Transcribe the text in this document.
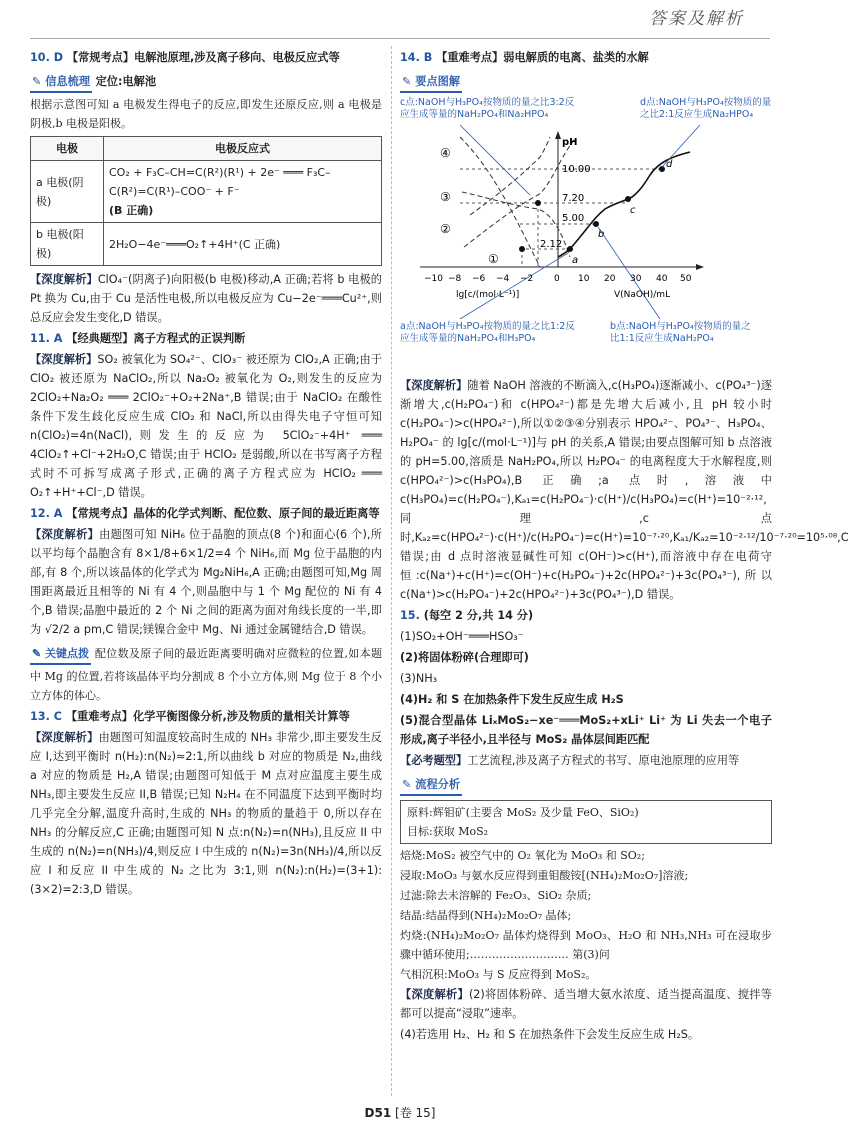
答案及解析

10. D 【常规考点】电解池原理,涉及离子移向、电极反应式等

✎ 信息梳理 定位:电解池

根据示意图可知 a 电极发生得电子的反应,即发生还原反应,则 a 电极是阴极,b 电极是阳极。

电极	电极反应式
a 电极(阴极)	CO₂ + F₃C–CH=C(R²)(R¹) + 2e⁻ ═══ F₃C–C(R²)=C(R¹)–COO⁻ + F⁻
(B 正确)

b 电极(阳极)	2H₂O−4e⁻═══O₂↑+4H⁺(C 正确)

【深度解析】ClO₄⁻(阴离子)向阳极(b 电极)移动,A 正确;若将 b 电极的 Pt 换为 Cu,由于 Cu 是活性电极,所以电极反应为 Cu−2e⁻═══Cu²⁺,则总反应会发生变化,D 错误。

11. A 【经典题型】离子方程式的正误判断

【深度解析】SO₂ 被氧化为 SO₄²⁻、ClO₃⁻ 被还原为 ClO₂,A 正确;由于 ClO₂ 被还原为 NaClO₂,所以 Na₂O₂ 被氧化为 O₂,则发生的反应为 2ClO₂+Na₂O₂ ═══ 2ClO₂⁻+O₂+2Na⁺,B 错误;由于 NaClO₂ 在酸性条件下发生歧化反应生成 ClO₂ 和 NaCl,所以由得失电子守恒可知 n(ClO₂)=4n(NaCl),则发生的反应为 5ClO₂⁻+4H⁺ ═══ 4ClO₂↑+Cl⁻+2H₂O,C 错误;由于 HClO₂ 是弱酸,所以在书写离子方程式时不可拆写成离子形式,正确的离子方程式应为 HClO₂ ═══ O₂↑+H⁺+Cl⁻,D 错误。

12. A 【常规考点】晶体的化学式判断、配位数、原子间的最近距离等

【深度解析】由题图可知 NiH₆ 位于晶胞的顶点(8 个)和面心(6 个),所以平均每个晶胞含有 8×1/8+6×1/2=4 个 NiH₆,而 Mg 位于晶胞的内部,有 8 个,所以该晶体的化学式为 Mg₂NiH₆,A 正确;由题图可知,Mg 周围距离最近且相等的 Ni 有 4 个,则晶胞中与 1 个 Mg 配位的 Ni 有 4 个,B 错误;晶胞中最近的 2 个 Ni 之间的距离为面对角线长度的一半,即为 √2/2 a pm,C 错误;镁镍合金中 Mg、Ni 通过金属键结合,D 错误。

✎ 关键点拨 配位数及原子间的最近距离要明确对应微粒的位置,如本题中 Mg 的位置,若将该晶体平均分割成 8 个小立方体,则 Mg 位于 8 个小立方体的体心。

13. C 【重难考点】化学平衡图像分析,涉及物质的量相关计算等

【深度解析】由题图可知温度较高时生成的 NH₃ 非常少,即主要发生反应 I,达到平衡时 n(H₂):n(N₂)≈2:1,所以曲线 b 对应的物质是 N₂,曲线 a 对应的物质是 H₂,A 错误;由题图可知低于 M 点对应温度主要生成 NH₃,即主要发生反应 II,B 错误;已知 N₂H₄ 在不同温度下达到平衡时均几乎完全分解,温度升高时,生成的 NH₃ 的物质的量趋于 0,所以存在 NH₃ 的分解反应,C 正确;由题图可知 N 点:n(N₂)=n(NH₃),且反应 II 中生成的 n(N₂)=n(NH₃)/4,则反应 I 中生成的 n(N₂)=3n(NH₃)/4,所以反应 I 和反应 II 中生成的 N₂ 之比为 3:1,则 n(N₂):n(H₂)=(3+1):(3×2)=2:3,D 错误。

14. B 【重难考点】弱电解质的电离、盐类的水解

✎ 要点图解
10.00
7.20
5.00
2.12
pH
−10 −8 −6 −4 −2 0 10 20 30 40 50
lg[c/(mol·L⁻¹)]	V(NaOH)/mL
④
③
②
①	a
b
c
d
c点:NaOH与H₃PO₄按物质的量之比3:2反应生成等量的NaH₂PO₄和Na₂HPO₄
d点:NaOH与H₃PO₄按物质的量之比2:1反应生成Na₂HPO₄
a点:NaOH与H₃PO₄按物质的量之比1:2反应生成等量的NaH₂PO₄和H₃PO₄
b点:NaOH与H₃PO₄按物质的量之比1:1反应生成NaH₂PO₄

【深度解析】随着 NaOH 溶液的不断滴入,c(H₃PO₄)逐渐减小、c(PO₄³⁻)逐渐增大,c(H₂PO₄⁻)和 c(HPO₄²⁻)都是先增大后减小,且 pH 较小时 c(H₂PO₄⁻)>c(HPO₄²⁻),所以①②③④分别表示 HPO₄²⁻、PO₄³⁻、H₃PO₄、H₂PO₄⁻ 的 lg[c/(mol·L⁻¹)]与 pH 的关系,A 错误;由要点图解可知 b 点溶液的 pH=5.00,溶质是 NaH₂PO₄,所以 H₂PO₄⁻ 的电离程度大于水解程度,则 c(HPO₄²⁻)>c(H₃PO₄),B 正确;a 点时,溶液中 c(H₃PO₄)=c(H₂PO₄⁻),Kₐ₁=c(H₂PO₄⁻)·c(H⁺)/c(H₃PO₄)=c(H⁺)=10⁻²·¹²,同理,c 点时,Kₐ₂=c(HPO₄²⁻)·c(H⁺)/c(H₂PO₄⁻)=c(H⁺)=10⁻⁷·²⁰,Kₐ₁/Kₐ₂=10⁻²·¹²/10⁻⁷·²⁰=10⁵·⁰⁸,C 错误;由 d 点时溶液显碱性可知 c(OH⁻)>c(H⁺),而溶液中存在电荷守恒:c(Na⁺)+c(H⁺)=c(OH⁻)+c(H₂PO₄⁻)+2c(HPO₄²⁻)+3c(PO₄³⁻),所以 c(Na⁺)>c(H₂PO₄⁻)+2c(HPO₄²⁻)+3c(PO₄³⁻),D 错误。

15. (每空 2 分,共 14 分)

(1)SO₂+OH⁻═══HSO₃⁻

(2)将固体粉碎(合理即可)

(3)NH₃

(4)H₂ 和 S 在加热条件下发生反应生成 H₂S

(5)混合型晶体 LiₓMoS₂−xe⁻═══MoS₂+xLi⁺ Li⁺ 为 Li 失去一个电子形成,离子半径小,且半径与 MoS₂ 晶体层间距匹配

【必考题型】工艺流程,涉及离子方程式的书写、原电池原理的应用等

✎ 流程分析
原料:辉钼矿(主要含 MoS₂ 及少量 FeO、SiO₂)
目标:获取 MoS₂

焙烧:MoS₂ 被空气中的 O₂ 氧化为 MoO₃ 和 SO₂;

浸取:MoO₃ 与氨水反应得到重钼酸铵[(NH₄)₂Mo₂O₇]溶液;

过滤:除去未溶解的 Fe₂O₃、SiO₂ 杂质;

结晶:结晶得到(NH₄)₂Mo₂O₇ 晶体;

灼烧:(NH₄)₂Mo₂O₇ 晶体灼烧得到 MoO₃、H₂O 和 NH₃,NH₃ 可在浸取步骤中循环使用;……………………… 第(3)问

气相沉积:MoO₃ 与 S 反应得到 MoS₂。

【深度解析】(2)将固体粉碎、适当增大氨水浓度、适当提高温度、搅拌等都可以提高“浸取”速率。

(4)若选用 H₂、H₂ 和 S 在加热条件下会发生反应生成 H₂S。

D51 [卷 15]
